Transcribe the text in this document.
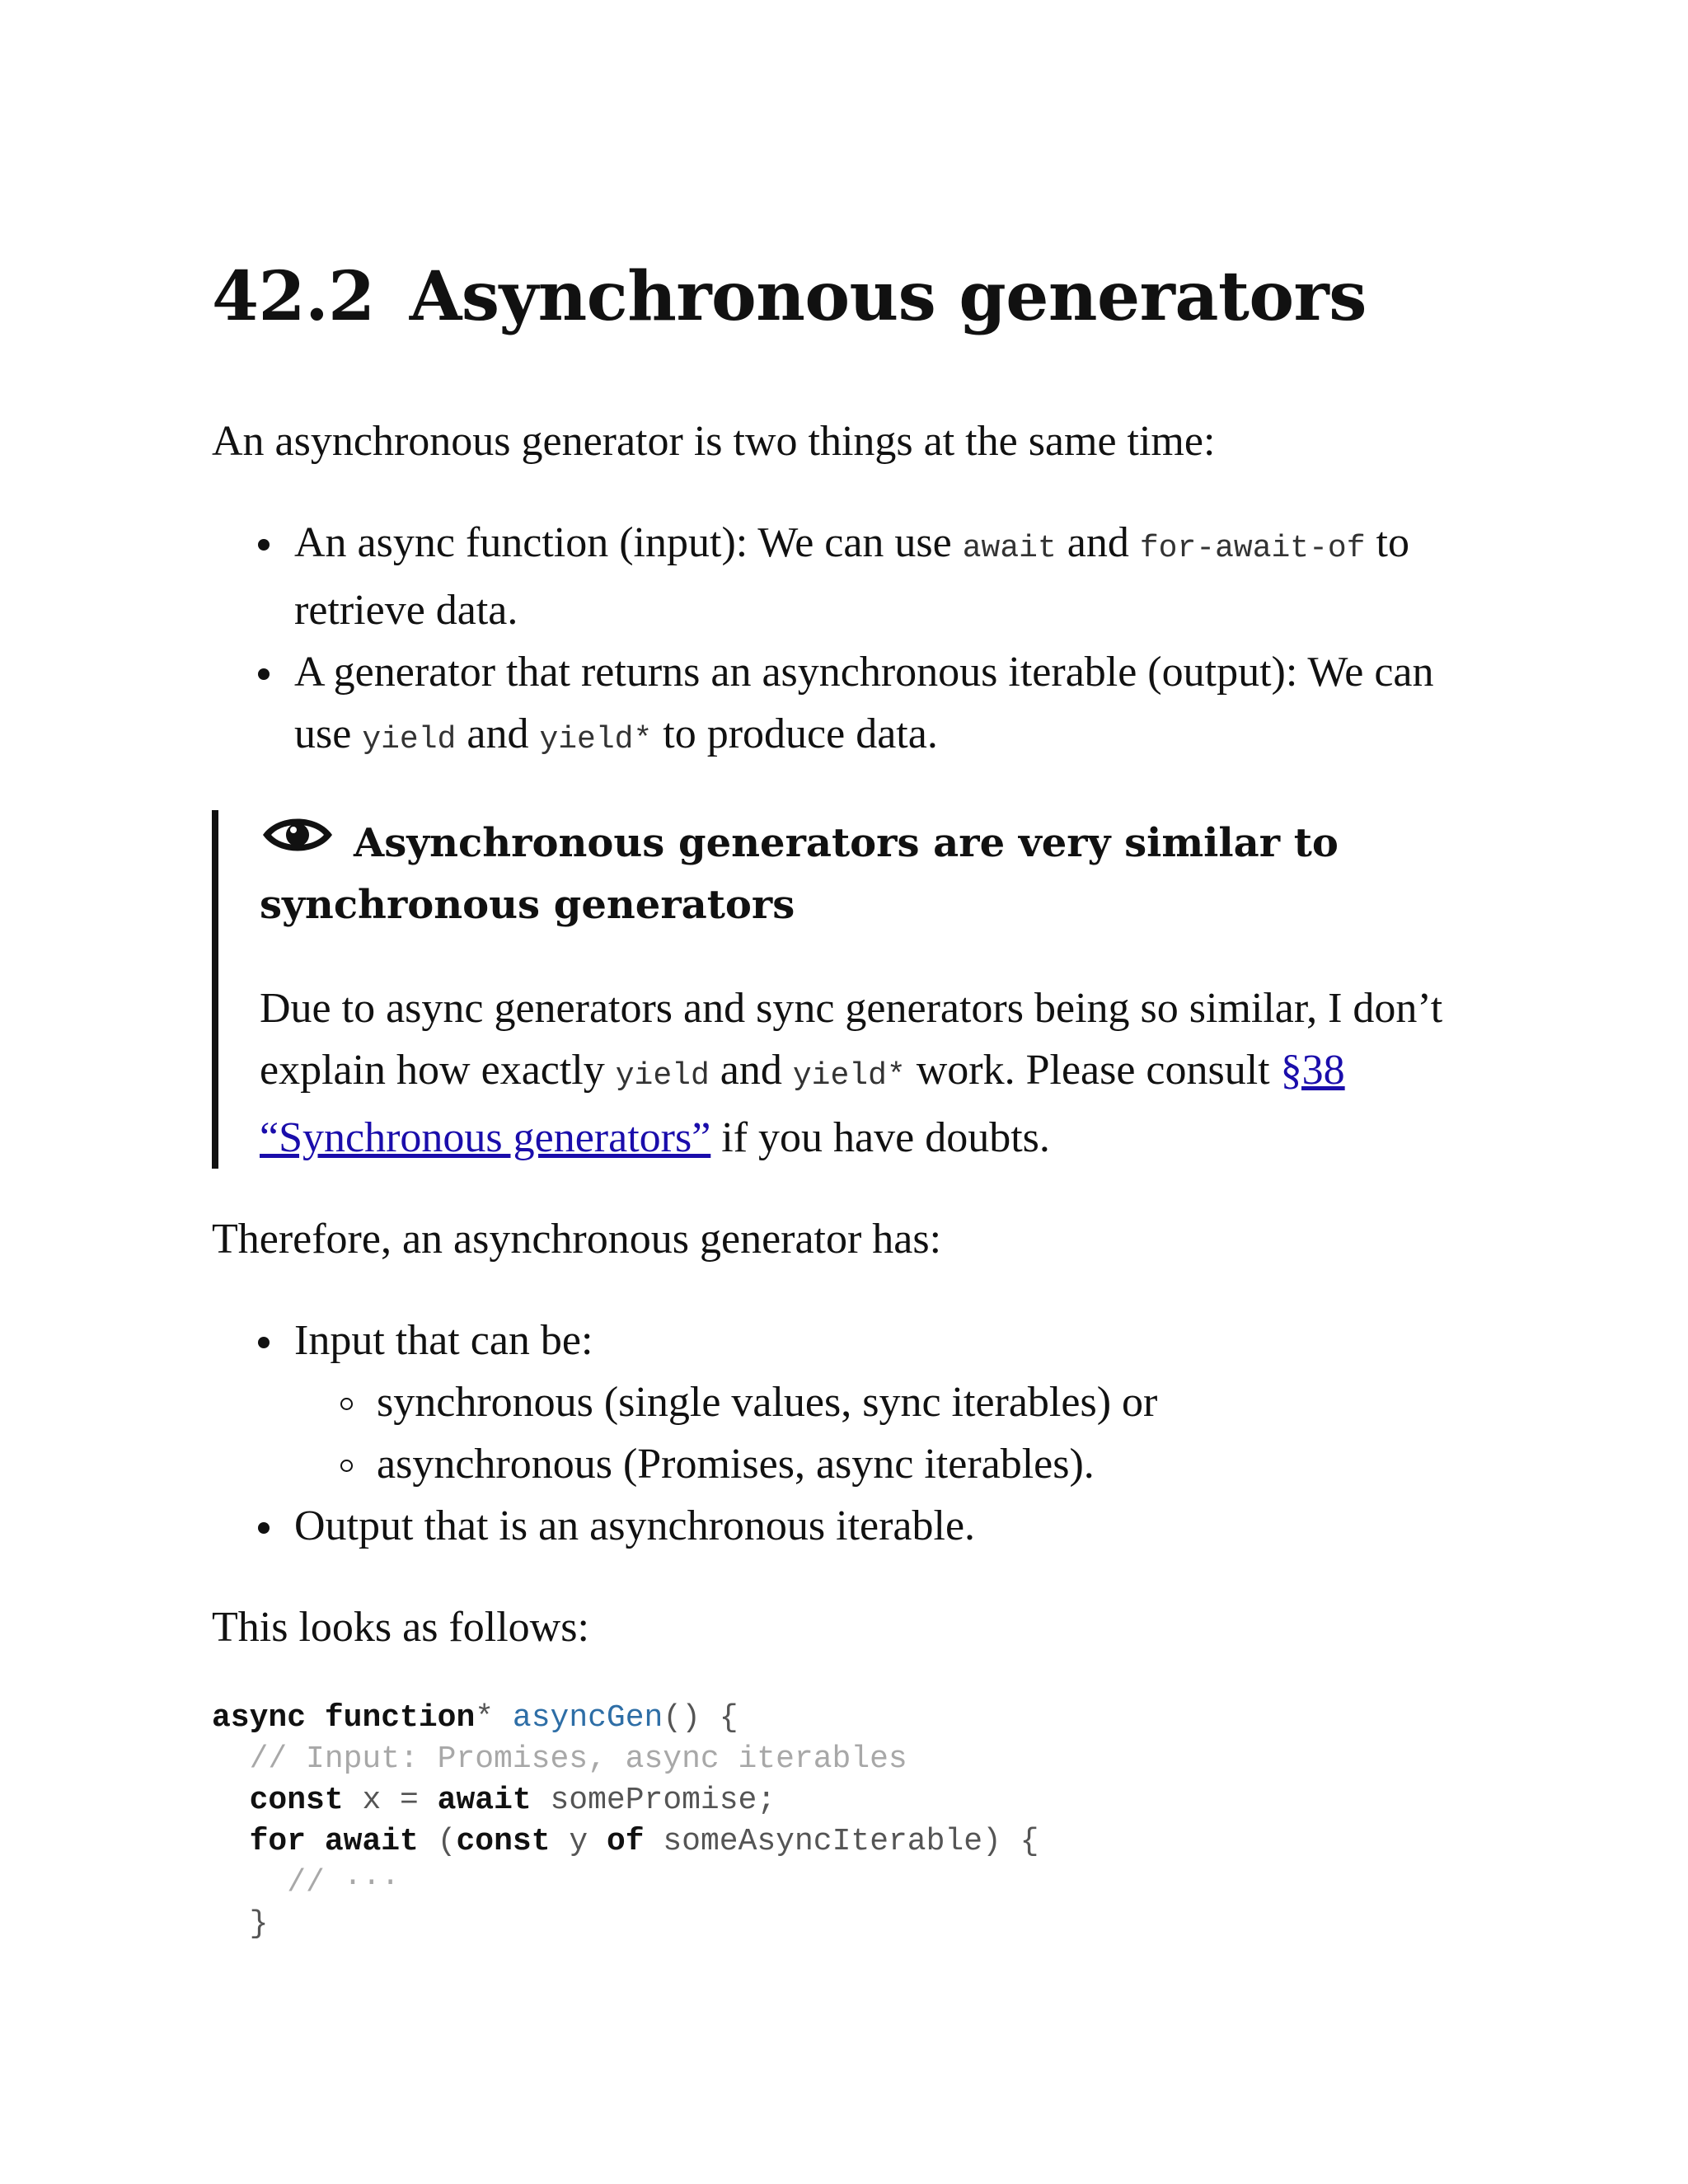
42.2 Asynchronous generators

An asynchronous generator is two things at the same time:

An async function (input): We can use await and for-await-of to retrieve data.
A generator that returns an asynchronous iterable (output): We can use yield and yield* to produce data.

Asynchronous generators are very similar to synchronous generators

Due to async generators and sync generators being so similar, I don’t explain how exactly yield and yield* work. Please consult §38 “Synchronous generators” if you have doubts.

Therefore, an asynchronous generator has:

Input that can be:
synchronous (single values, sync iterables) or
asynchronous (Promises, async iterables).
Output that is an asynchronous iterable.

This looks as follows:

async function* asyncGen() {
// Input: Promises, async iterables
const x = await somePromise;
for await (const y of someAsyncIterable) {
// ···
}
